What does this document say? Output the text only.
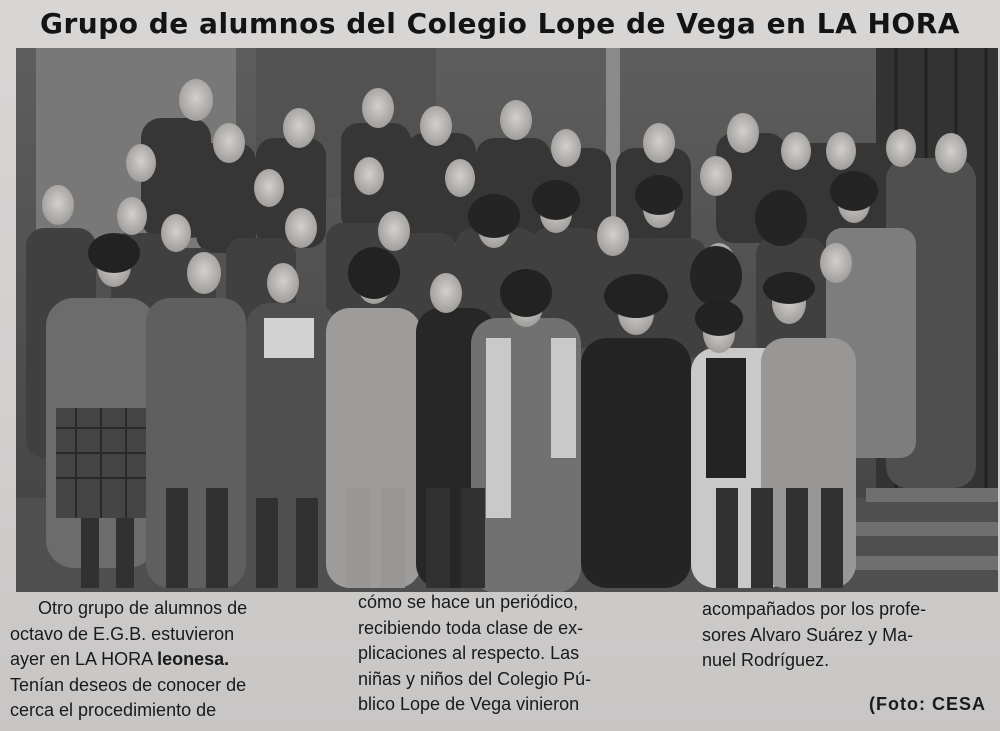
Grupo de alumnos del Colegio Lope de Vega en LA HORA

Otro grupo de alumnos de

octavo de E.G.B. estuvieron

ayer en LA HORA leonesa.

Tenían deseos de conocer de

cerca el procedimiento de

cómo se hace un periódico,

recibiendo toda clase de ex-

plicaciones al respecto. Las

niñas y niños del Colegio Pú-

blico Lope de Vega vinieron

acompañados por los profe-

sores Alvaro Suárez y Ma-

nuel Rodríguez.

(Foto: CESA
